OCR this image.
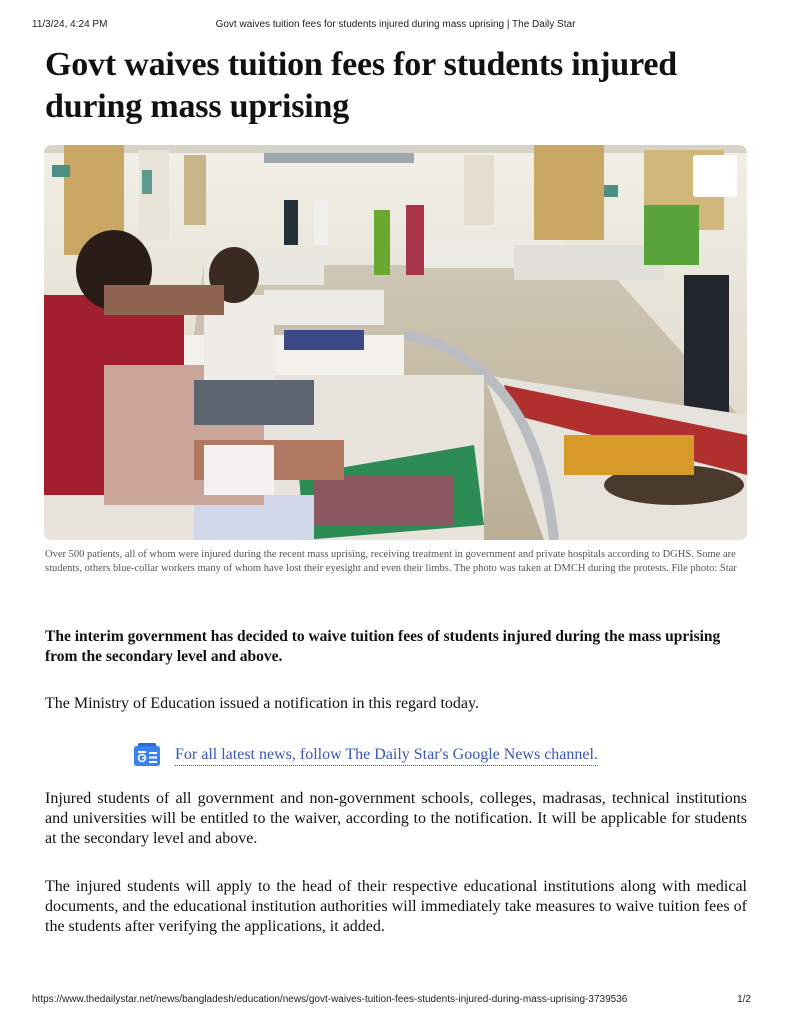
11/3/24, 4:24 PM	Govt waives tuition fees for students injured during mass uprising | The Daily Star
Govt waives tuition fees for students injured during mass uprising
Over 500 patients, all of whom were injured during the recent mass uprising, receiving treatment in government and private hospitals according to DGHS. Some are students, others blue-collar workers many of whom have lost their eyesight and even their limbs. The photo was taken at DMCH during the protests. File photo: Star

The interim government has decided to waive tuition fees of students injured during the mass uprising from the secondary level and above.

The Ministry of Education issued a notification in this regard today.

For all latest news, follow The Daily Star's Google News channel.

Injured students of all government and non-government schools, colleges, madrasas, technical institutions and universities will be entitled to the waiver, according to the notification. It will be applicable for students at the secondary level and above.

The injured students will apply to the head of their respective educational institutions along with medical documents, and the educational institution authorities will immediately take measures to waive tuition fees of the students after verifying the applications, it added.

https://www.thedailystar.net/news/bangladesh/education/news/govt-waives-tuition-fees-students-injured-during-mass-uprising-3739536	1/2
